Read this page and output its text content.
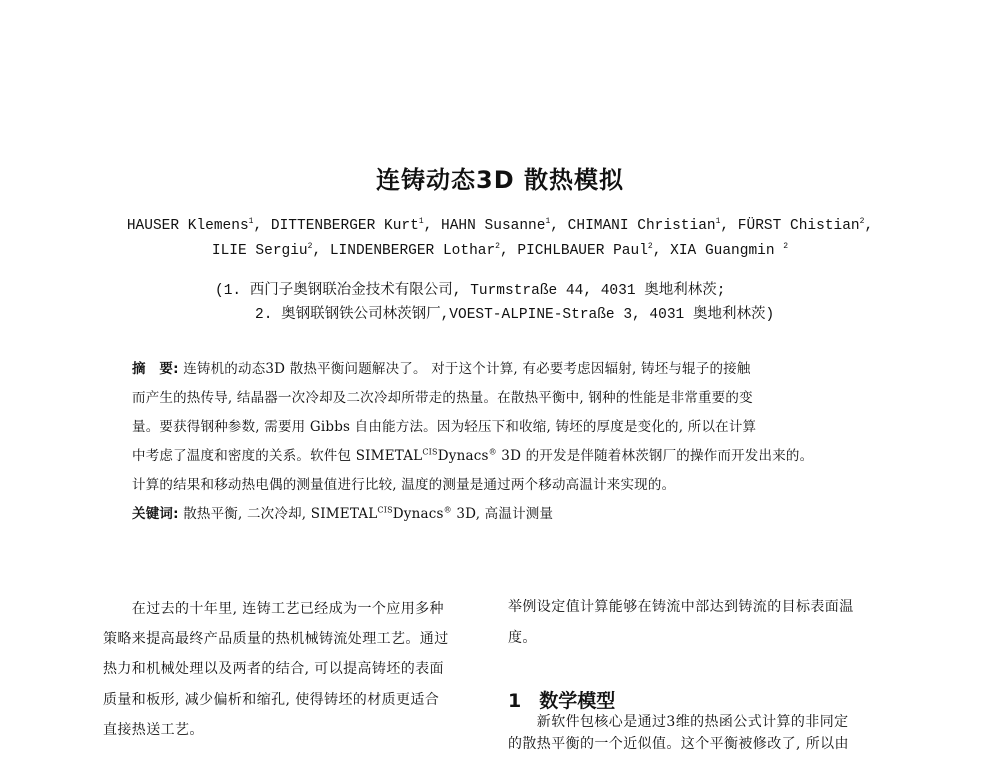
连铸动态3D 散热模拟
HAUSER Klemens$^1$, DITTENBERGER Kurt$^1$, HAHN Susanne$^1$, CHIMANI Christian$^1$, FÜRST Chistian$^2$,
ILIE Sergiu$^2$, LINDENBERGER Lothar$^2$, PICHLBAUER Paul$^2$, XIA Guangmin $^2$
(1. 西门子奥钢联冶金技术有限公司, Turmstraße 44, 4031 奥地利林茨;
2. 奥钢联钢铁公司林茨钢厂,VOEST-ALPINE-Straße 3, 4031 奥地利林茨)
摘　要: 连铸机的动态3D 散热平衡问题解决了。 对于这个计算, 有必要考虑因辐射, 铸坯与辊子的接触
而产生的热传导, 结晶器一次冷却及二次冷却所带走的热量。在散热平衡中, 钢种的性能是非常重要的变
量。要获得钢种参数, 需要用 Gibbs 自由能方法。因为轻压下和收缩, 铸坯的厚度是变化的, 所以在计算
中考虑了温度和密度的关系。软件包 $SIMETAL^{CIS}Dynacs®$ 3D 的开发是伴随着林茨钢厂的操作而开发出来的。
计算的结果和移动热电偶的测量值进行比较, 温度的测量是通过两个移动高温计来实现的。
关键词: 散热平衡, 二次冷却, $SIMETAL^{CIS}Dynacs®$ 3D, 高温计测量
　　在过去的十年里, 连铸工艺已经成为一个应用多种
策略来提高最终产品质量的热机械铸流处理工艺。通过
热力和机械处理以及两者的结合, 可以提高铸坯的表面
质量和板形, 减少偏析和缩孔, 使得铸坯的材质更适合
直接热送工艺。
举例设定值计算能够在铸流中部达到铸流的目标表面温
度。
1 数学模型
　　新软件包核心是通过3维的热函公式计算的非同定
的散热平衡的一个近似值。这个平衡被修改了, 所以由
